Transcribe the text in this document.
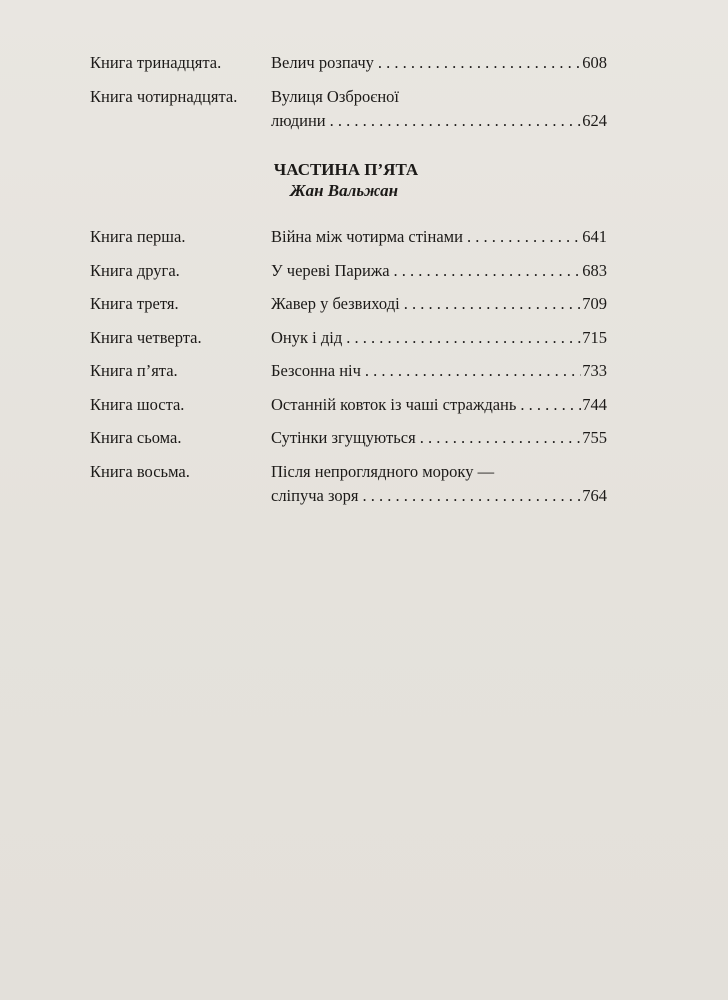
Книга тринадцята.	Велич розпачу . . .	608
Книга чотирнадцята. Вулиця Озброєної
людини . . .	624
ЧАСТИНА П’ЯТА
Жан Вальжан
Книга перша.	Війна між чотирма стінами . . .	641
Книга друга.	У череві Парижа . . .	683
Книга третя.	Жавер у безвиході . . .	709
Книга четверта.	Онук і дід . . .	715
Книга п’ята.	Безсонна ніч . . .	733
Книга шоста.	Останній ковток із чаші страждань . . .	744
Книга сьома.	Сутінки згущуються . . .	755
Книга восьма.	Після непроглядного мороку —
сліпуча зоря . . .	764
